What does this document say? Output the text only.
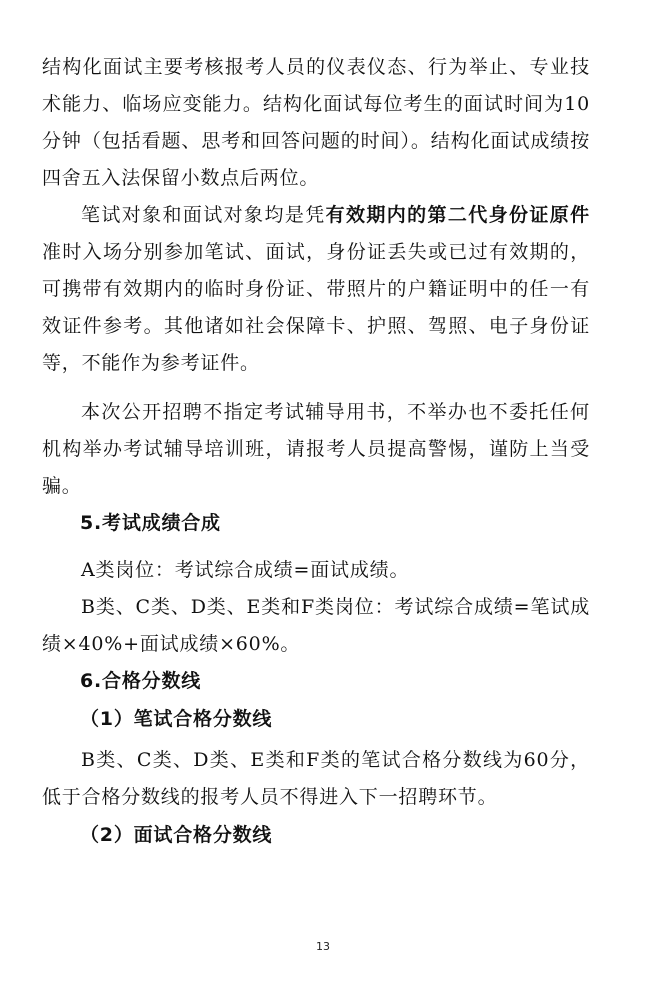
结构化面试主要考核报考人员的仪表仪态、行为举止、专业技术能力、临场应变能力。结构化面试每位考生的面试时间为10分钟（包括看题、思考和回答问题的时间）。结构化面试成绩按四舍五入法保留小数点后两位。

笔试对象和面试对象均是凭有效期内的第二代身份证原件准时入场分别参加笔试、面试，身份证丢失或已过有效期的，可携带有效期内的临时身份证、带照片的户籍证明中的任一有效证件参考。其他诸如社会保障卡、护照、驾照、电子身份证等，不能作为参考证件。

本次公开招聘不指定考试辅导用书，不举办也不委托任何机构举办考试辅导培训班，请报考人员提高警惕，谨防上当受骗。

5.考试成绩合成

A类岗位：考试综合成绩=面试成绩。

B类、C类、D类、E类和F类岗位：考试综合成绩=笔试成绩×40%+面试成绩×60%。

6.合格分数线
（1）笔试合格分数线

B类、C类、D类、E类和F类的笔试合格分数线为60分，低于合格分数线的报考人员不得进入下一招聘环节。

（2）面试合格分数线
13
